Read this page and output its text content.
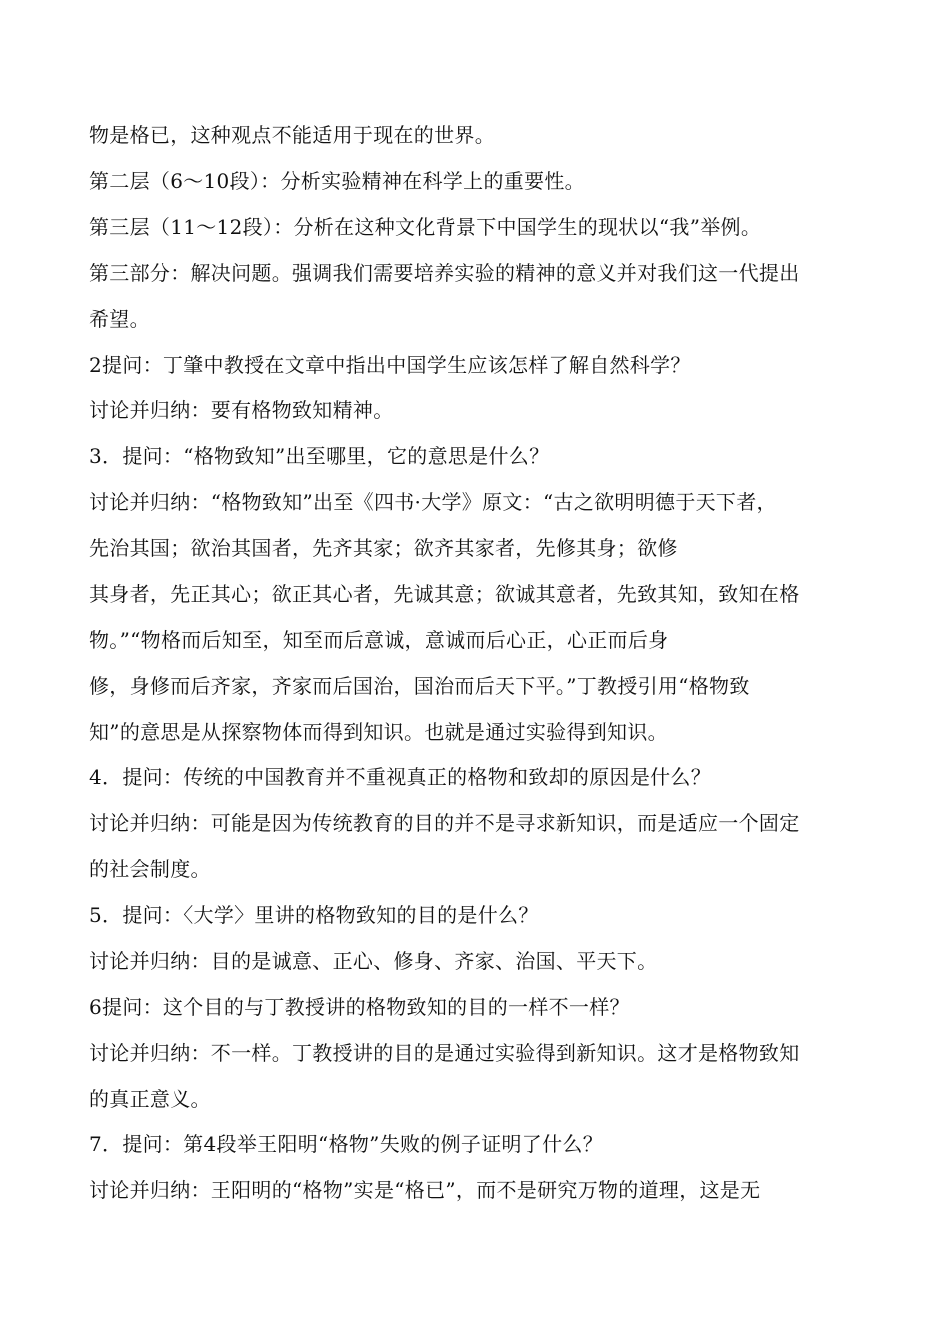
物是格已，这种观点不能适用于现在的世界。
第二层（6～10段）：分析实验精神在科学上的重要性。
第三层（11～12段）：分析在这种文化背景下中国学生的现状以“我”举例。
第三部分：解决问题。强调我们需要培养实验的精神的意义并对我们这一代提出
希望。
2提问：丁肇中教授在文章中指出中国学生应该怎样了解自然科学？
讨论并归纳：要有格物致知精神。
3．提问：“格物致知”出至哪里，它的意思是什么？
讨论并归纳：“格物致知”出至《四书·大学》原文：“古之欲明明德于天下者，
先治其国；欲治其国者，先齐其家；欲齐其家者，先修其身；欲修
其身者，先正其心；欲正其心者，先诚其意；欲诚其意者，先致其知，致知在格
物。”“物格而后知至，知至而后意诚，意诚而后心正，心正而后身
修，身修而后齐家，齐家而后国治，国治而后天下平。”丁教授引用“格物致
知”的意思是从探察物体而得到知识。也就是通过实验得到知识。
4．提问：传统的中国教育并不重视真正的格物和致却的原因是什么？
讨论并归纳：可能是因为传统教育的目的并不是寻求新知识，而是适应一个固定
的社会制度。
5．提问：〈大学〉里讲的格物致知的目的是什么？
讨论并归纳：目的是诚意、正心、修身、齐家、治国、平天下。
6提问：这个目的与丁教授讲的格物致知的目的一样不一样？
讨论并归纳：不一样。丁教授讲的目的是通过实验得到新知识。这才是格物致知
的真正意义。
7．提问：第4段举王阳明“格物”失败的例子证明了什么？
讨论并归纳：王阳明的“格物”实是“格已”，而不是研究万物的道理，这是无
